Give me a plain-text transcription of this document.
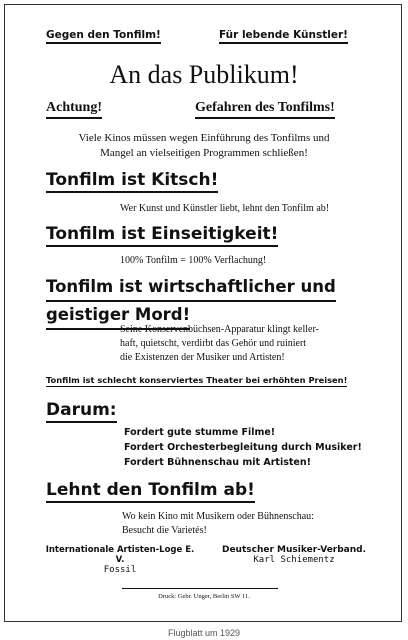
Gegen den Tonfilm!	Für lebende Künstler!
An das Publikum!
Achtung!	Gefahren des Tonfilms!
Viele Kinos müssen wegen Einführung des Tonfilms und
Mangel an vielseitigen Programmen schließen!
Tonfilm ist Kitsch!
Wer Kunst und Künstler liebt, lehnt den Tonfilm ab!
Tonfilm ist Einseitigkeit!
100% Tonfilm = 100% Verflachung!
Tonfilm ist wirtschaftlicher und
geistiger Mord!
Seine Konservenbüchsen-Apparatur klingt keller-
haft, quietscht, verdirbt das Gehör und ruiniert
die Existenzen der Musiker und Artisten!
Tonfilm ist schlecht konserviertes Theater bei erhöhten Preisen!
Darum:
Fordert gute stumme Filme!
Fordert Orchesterbegleitung durch Musiker!
Fordert Bühnenschau mit Artisten!
Lehnt den Tonfilm ab!
Wo kein Kino mit Musikern oder Bühnenschau:
Besucht die Varietés!
Internationale Artisten-Loge E. V.
Fossil
Deutscher Musiker-Verband.
Karl Schiementz
Druck: Gebr. Unger, Berlin SW 11.
Flugblatt um 1929
